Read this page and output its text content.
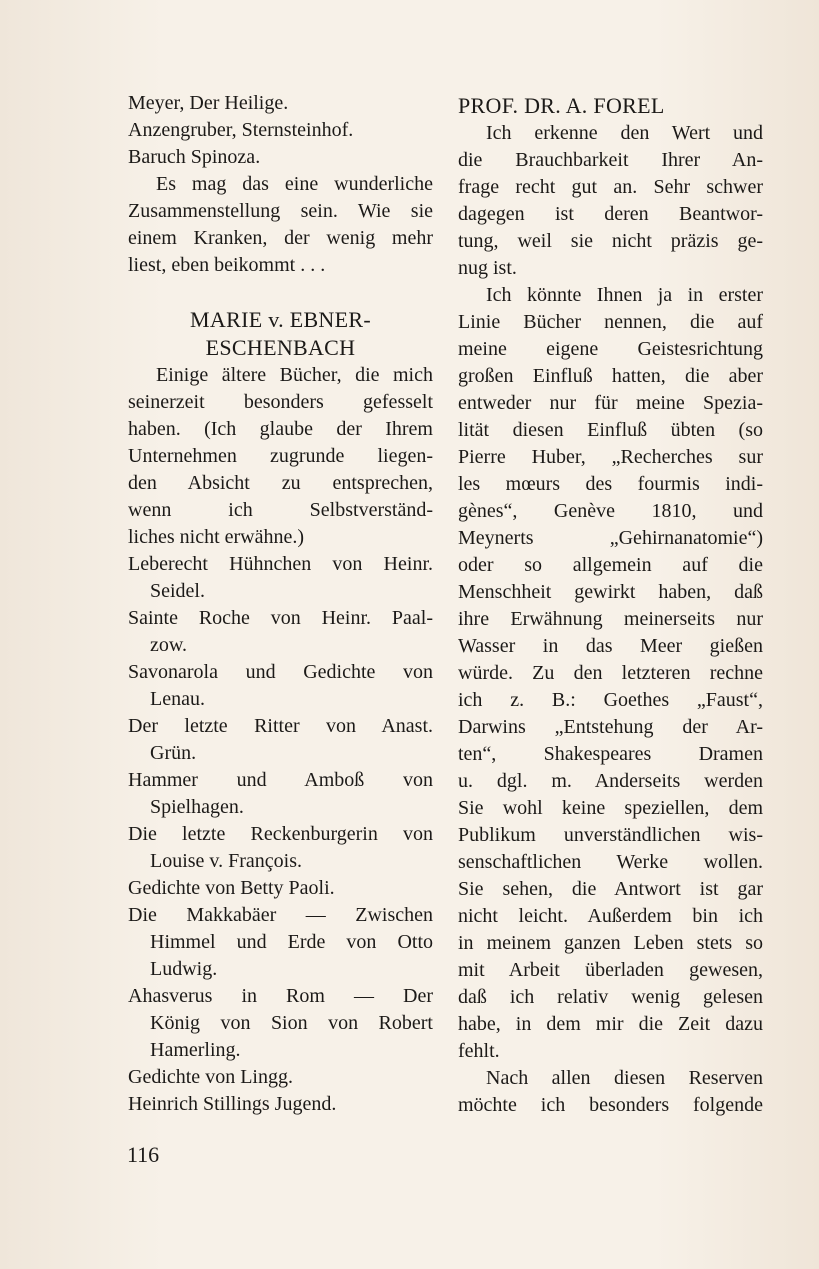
Meyer, Der Heilige.
Anzengruber, Sternsteinhof.
Baruch Spinoza.
Es mag das eine wunderliche
Zusammenstellung sein. Wie sie
einem Kranken, der wenig mehr
liest, eben beikommt . . .
MARIE v. EBNER-
ESCHENBACH
Einige ältere Bücher, die mich
seinerzeit besonders gefesselt
haben. (Ich glaube der Ihrem
Unternehmen zugrunde liegen-
den Absicht zu entsprechen,
wenn ich Selbstverständ-
liches nicht erwähne.)
Leberecht Hühnchen von Heinr.
Seidel.
Sainte Roche von Heinr. Paal-
zow.
Savonarola und Gedichte von
Lenau.
Der letzte Ritter von Anast.
Grün.
Hammer und Amboß von
Spielhagen.
Die letzte Reckenburgerin von
Louise v. François.
Gedichte von Betty Paoli.
Die Makkabäer — Zwischen
Himmel und Erde von Otto
Ludwig.
Ahasverus in Rom — Der
König von Sion von Robert
Hamerling.
Gedichte von Lingg.
Heinrich Stillings Jugend.
PROF. DR. A. FOREL
Ich erkenne den Wert und
die Brauchbarkeit Ihrer An-
frage recht gut an. Sehr schwer
dagegen ist deren Beantwor-
tung, weil sie nicht präzis ge-
nug ist.
Ich könnte Ihnen ja in erster
Linie Bücher nennen, die auf
meine eigene Geistesrichtung
großen Einfluß hatten, die aber
entweder nur für meine Spezia-
lität diesen Einfluß übten (so
Pierre Huber, „Recherches sur
les mœurs des fourmis indi-
gènes“, Genève 1810, und
Meynerts „Gehirnanatomie“)
oder so allgemein auf die
Menschheit gewirkt haben, daß
ihre Erwähnung meinerseits nur
Wasser in das Meer gießen
würde. Zu den letzteren rechne
ich z. B.: Goethes „Faust“,
Darwins „Entstehung der Ar-
ten“, Shakespeares Dramen
u. dgl. m. Anderseits werden
Sie wohl keine speziellen, dem
Publikum unverständlichen wis-
senschaftlichen Werke wollen.
Sie sehen, die Antwort ist gar
nicht leicht. Außerdem bin ich
in meinem ganzen Leben stets so
mit Arbeit überladen gewesen,
daß ich relativ wenig gelesen
habe, in dem mir die Zeit dazu
fehlt.
Nach allen diesen Reserven
möchte ich besonders folgende
116
